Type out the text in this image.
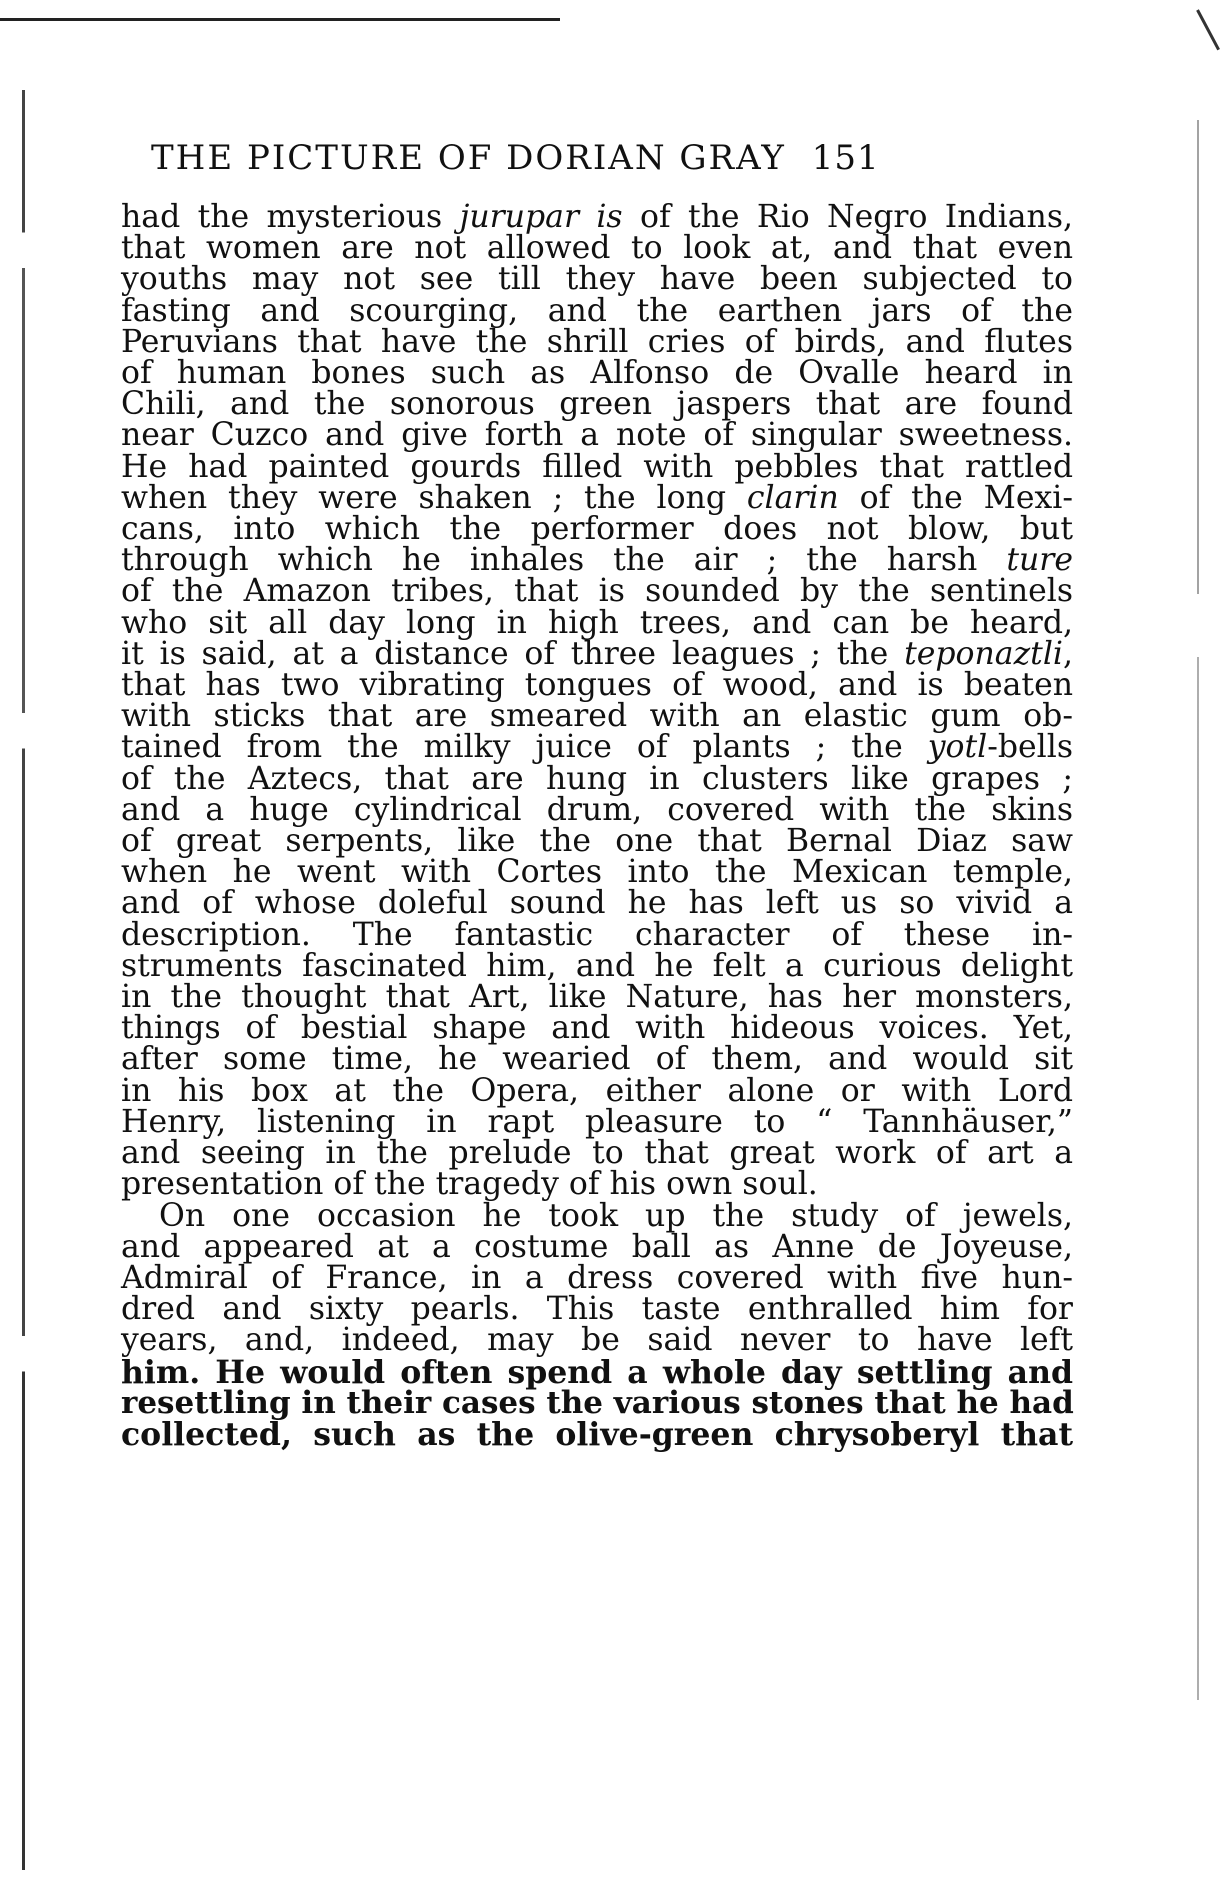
THE PICTURE OF DORIAN GRAY 151
had the mysterious jurupar is of the Rio Negro Indians,
that women are not allowed to look at, and that even
youths may not see till they have been subjected to
fasting and scourging, and the earthen jars of the
Peruvians that have the shrill cries of birds, and flutes
of human bones such as Alfonso de Ovalle heard in
Chili, and the sonorous green jaspers that are found
near Cuzco and give forth a note of singular sweetness.
He had painted gourds filled with pebbles that rattled
when they were shaken ; the long clarin of the Mexi-
cans, into which the performer does not blow, but
through which he inhales the air ; the harsh ture
of the Amazon tribes, that is sounded by the sentinels
who sit all day long in high trees, and can be heard,
it is said, at a distance of three leagues ; the teponaztli,
that has two vibrating tongues of wood, and is beaten
with sticks that are smeared with an elastic gum ob-
tained from the milky juice of plants ; the yotl-bells
of the Aztecs, that are hung in clusters like grapes ;
and a huge cylindrical drum, covered with the skins
of great serpents, like the one that Bernal Diaz saw
when he went with Cortes into the Mexican temple,
and of whose doleful sound he has left us so vivid a
description. The fantastic character of these in-
struments fascinated him, and he felt a curious delight
in the thought that Art, like Nature, has her monsters,
things of bestial shape and with hideous voices. Yet,
after some time, he wearied of them, and would sit
in his box at the Opera, either alone or with Lord
Henry, listening in rapt pleasure to “ Tannhäuser,”
and seeing in the prelude to that great work of art a
presentation of the tragedy of his own soul.
On one occasion he took up the study of jewels,
and appeared at a costume ball as Anne de Joyeuse,
Admiral of France, in a dress covered with five hun-
dred and sixty pearls. This taste enthralled him for
years, and, indeed, may be said never to have left
him. He would often spend a whole day settling and
resettling in their cases the various stones that he had
collected, such as the olive-green chrysoberyl that
